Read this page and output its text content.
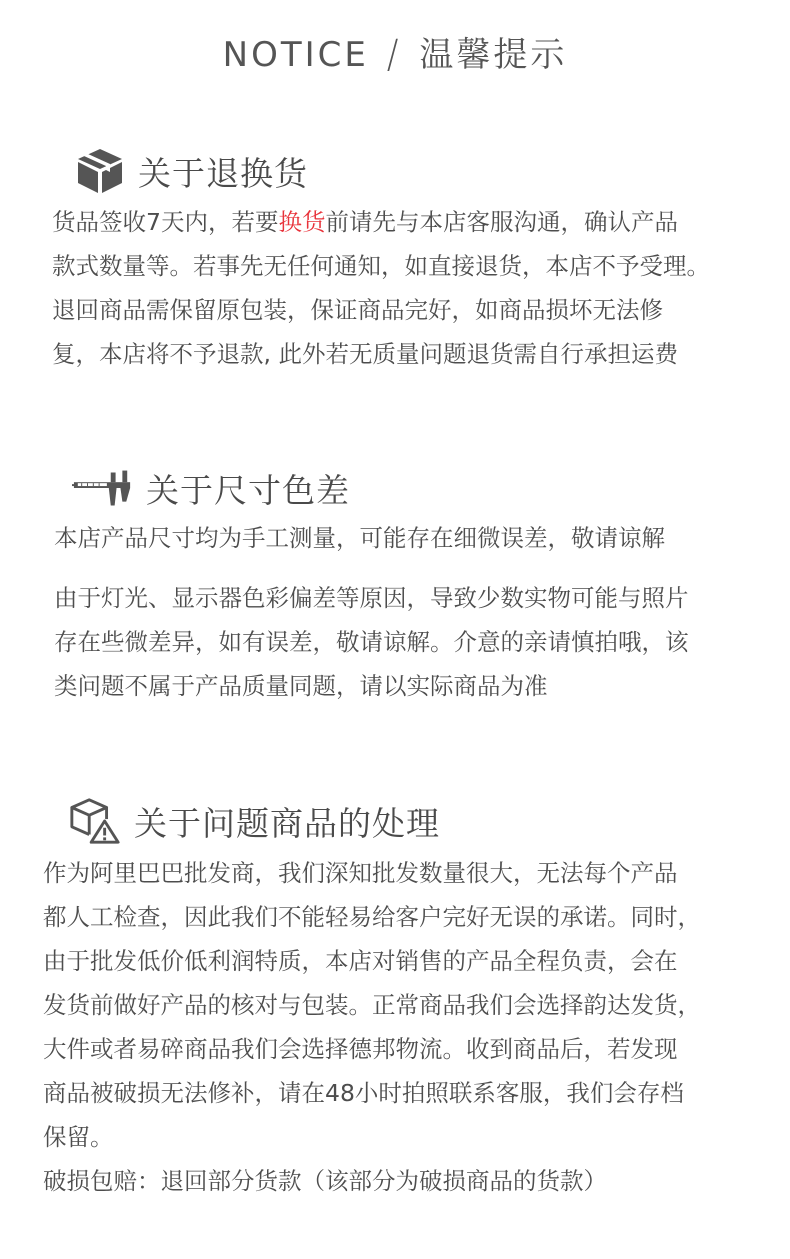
NOTICE / 温馨提示
关于退换货
货品签收7天内，若要换货前请先与本店客服沟通，确认产品
款式数量等。若事先无任何通知，如直接退货，本店不予受理。
退回商品需保留原包装，保证商品完好，如商品损坏无法修
复，本店将不予退款, 此外若无质量问题退货需自行承担运费
关于尺寸色差
本店产品尺寸均为手工测量，可能存在细微误差，敬请谅解
由于灯光、显示器色彩偏差等原因，导致少数实物可能与照片
存在些微差异，如有误差，敬请谅解。介意的亲请慎拍哦，该
类问题不属于产品质量同题，请以实际商品为准
关于问题商品的处理
作为阿里巴巴批发商，我们深知批发数量很大，无法每个产品
都人工检查，因此我们不能轻易给客户完好无误的承诺。同时，
由于批发低价低利润特质，本店对销售的产品全程负责，会在
发货前做好产品的核对与包装。正常商品我们会选择韵达发货，
大件或者易碎商品我们会选择德邦物流。收到商品后，若发现
商品被破损无法修补，请在48小时拍照联系客服，我们会存档
保留。
破损包赔：退回部分货款（该部分为破损商品的货款）
